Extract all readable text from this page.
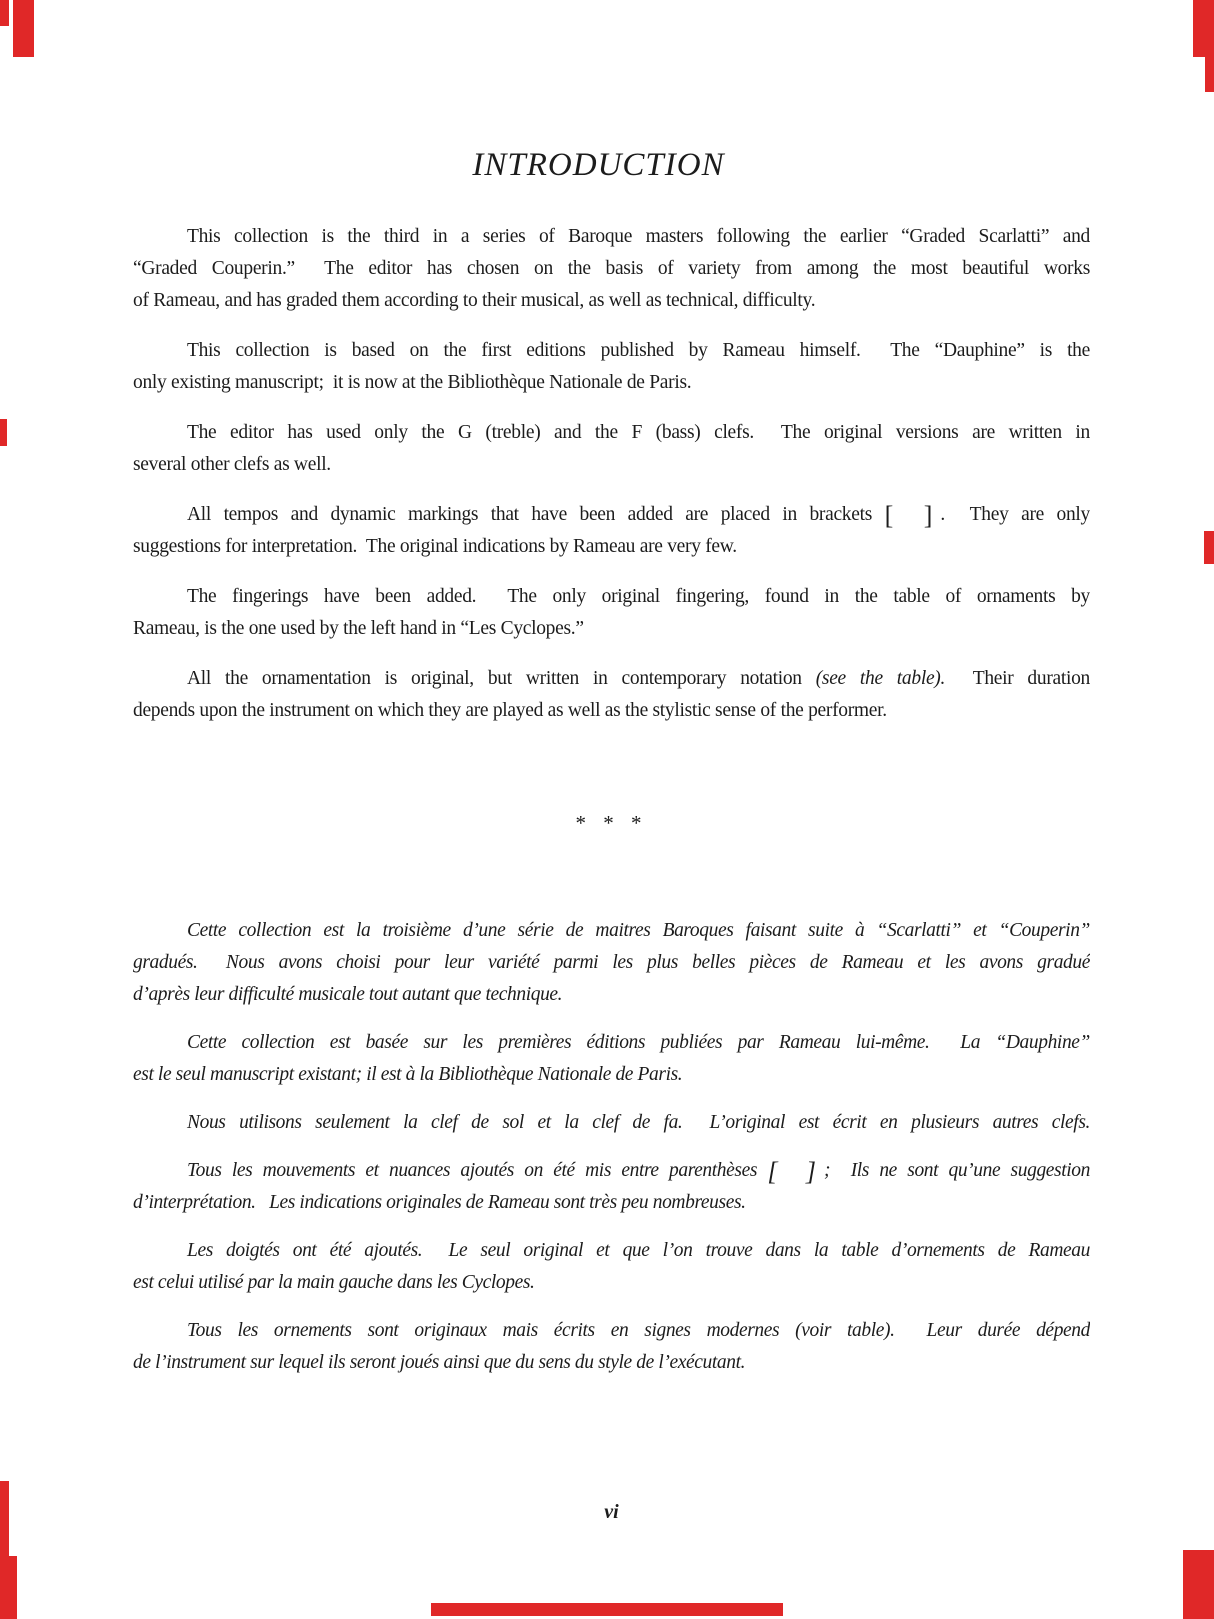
INTRODUCTION
This collection is the third in a series of Baroque masters following the earlier “Graded Scarlatti” and
“Graded Couperin.”  The editor has chosen on the basis of variety from among the most beautiful works
of Rameau, and has graded them according to their musical, as well as technical, difficulty.
This collection is based on the first editions published by Rameau himself.  The “Dauphine” is the
only existing manuscript;  it is now at the Bibliothèque Nationale de Paris.
The editor has used only the G (treble) and the F (bass) clefs.  The original versions are written in
several other clefs as well.
All tempos and dynamic markings that have been added are placed in brackets [ ].  They are only
suggestions for interpretation.  The original indications by Rameau are very few.
The fingerings have been added.  The only original fingering, found in the table of ornaments by
Rameau, is the one used by the left hand in “Les Cyclopes.”
All the ornamentation is original, but written in contemporary notation (see the table).  Their duration
depends upon the instrument on which they are played as well as the stylistic sense of the performer.
* * *
Cette collection est la troisième d’une série de maitres Baroques faisant suite à “Scarlatti” et “Couperin”
gradués.  Nous avons choisi pour leur variété parmi les plus belles pièces de Rameau et les avons gradué
d’après leur difficulté musicale tout autant que technique.
Cette collection est basée sur les premières éditions publiées par Rameau lui-même.  La “Dauphine”
est le seul manuscript existant; il est à la Bibliothèque Nationale de Paris.
Nous utilisons seulement la clef de sol et la clef de fa.  L’original est écrit en plusieurs autres clefs.
Tous les mouvements et nuances ajoutés on été mis entre parenthèses [ ];  Ils ne sont qu’une suggestion
d’interprétation.   Les indications originales de Rameau sont très peu nombreuses.
Les doigtés ont été ajoutés.  Le seul original et que l’on trouve dans la table d’ornements de Rameau
est celui utilisé par la main gauche dans les Cyclopes.
Tous les ornements sont originaux mais écrits en signes modernes (voir table).  Leur durée dépend
de l’instrument sur lequel ils seront joués ainsi que du sens du style de l’exécutant.
vi
